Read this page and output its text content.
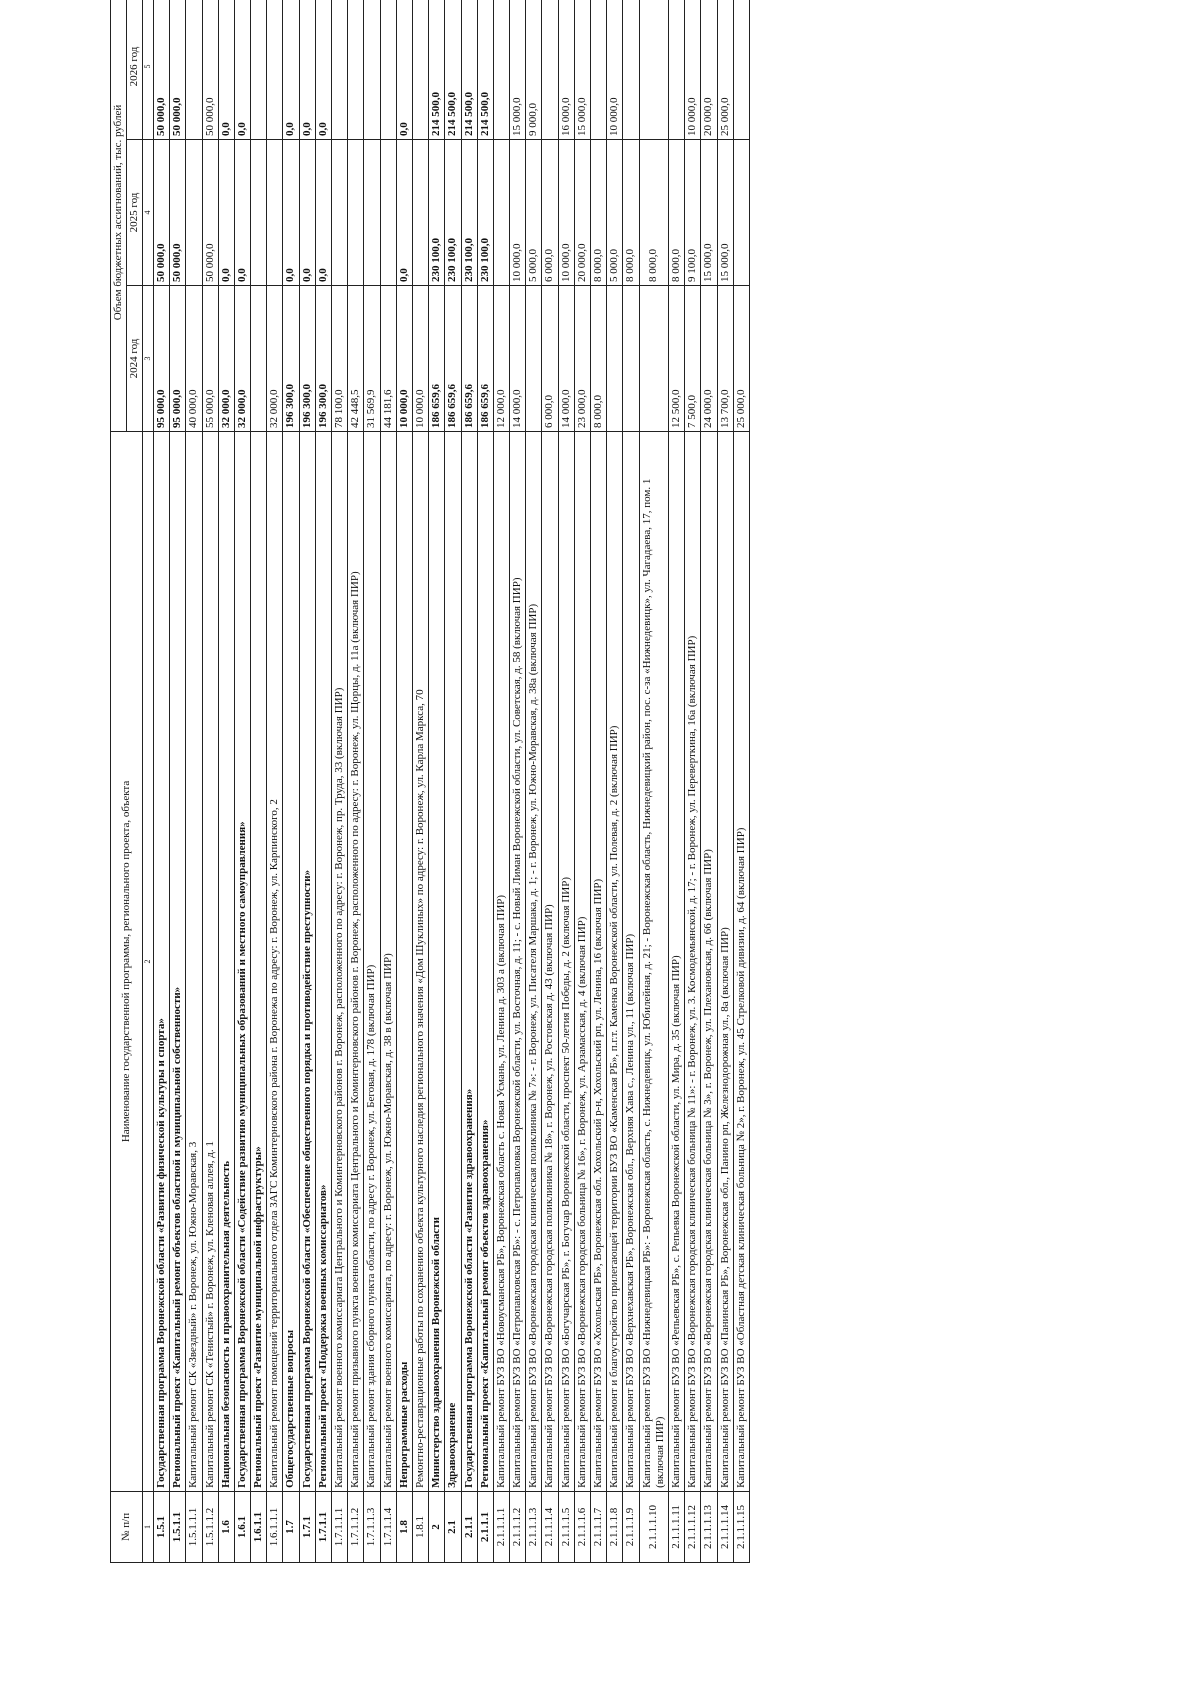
№ п/п	Наименование государственной программы, регионального проекта, объекта	Объем бюджетных ассигнований, тыс. рублей		
		2024 год	2025 год	2026 год
1	2	3	4	5
1.5.1	Государственная программа Воронежской области «Развитие физической культуры и спорта»	95 000,0	50 000,0	50 000,0
1.5.1.1	Региональный проект «Капитальный ремонт объектов областной и муниципальной собственности»	95 000,0	50 000,0	50 000,0
1.5.1.1.1	Капитальный ремонт СК «Звездный» г. Воронеж, ул. Южно-Моравская, 3	40 000,0		
1.5.1.1.2	Капитальный ремонт СК «Тенистый» г. Воронеж, ул. Кленовая аллея, д. 1	55 000,0	50 000,0	50 000,0
1.6	Национальная безопасность и правоохранительная деятельность	32 000,0	0,0	0,0
1.6.1	Государственная программа Воронежской области «Содействие развитию муниципальных образований и местного самоуправления»	32 000,0	0,0	0,0
1.6.1.1	Региональный проект «Развитие муниципальной инфраструктуры»			
1.6.1.1.1	Капитальный ремонт помещений территориального отдела ЗАГС Коминтерновского района г. Воронежа по адресу: г. Воронеж, ул. Карпинского, 2	32 000,0		
1.7	Общегосударственные вопросы	196 300,0	0,0	0,0
1.7.1	Государственная программа Воронежской области «Обеспечение общественного порядка и противодействие преступности»	196 300,0	0,0	0,0
1.7.1.1	Региональный проект «Поддержка военных комиссариатов»	196 300,0	0,0	0,0
1.7.1.1.1	Капитальный ремонт военного комиссариата Центрального и Коминтерновского районов г. Воронеж, расположенного по адресу: г. Воронеж, пр. Труда, 33 (включая ПИР)	78 100,0		
1.7.1.1.2	Капитальный ремонт призывного пункта военного комиссариата Центрального и Коминтерновского районов г. Воронеж, расположенного по адресу: г. Воронеж, ул. Щорцы, д. 11а (включая ПИР)	42 448,5		
1.7.1.1.3	Капитальный ремонт здания сборного пункта области, по адресу г. Воронеж, ул. Беговая, д. 178 (включая ПИР)	31 569,9		
1.7.1.1.4	Капитальный ремонт военного комиссариата, по адресу: г. Воронеж, ул. Южно-Моравская, д. 38 в (включая ПИР)	44 181,6		
1.8	Непрограммные расходы	10 000,0	0,0	0,0
1.8.1	Ремонтно-реставрационные работы по сохранению объекта культурного наследия регионального значения «Дом Шуклиных» по адресу: г. Воронеж, ул. Карла Маркса, 70	10 000,0		
2	Министерство здравоохранения Воронежской области	186 659,6	230 100,0	214 500,0
2.1	Здравоохранение	186 659,6	230 100,0	214 500,0
2.1.1	Государственная программа Воронежской области «Развитие здравоохранения»	186 659,6	230 100,0	214 500,0
2.1.1.1	Региональный проект «Капитальный ремонт объектов здравоохранения»	186 659,6	230 100,0	214 500,0
2.1.1.1.1	Капитальный ремонт БУЗ ВО «Новоусманская РБ», Воронежская область с. Новая Усмань, ул. Ленина д. 303 а (включая ПИР)	12 000,0		
2.1.1.1.2	Капитальный ремонт БУЗ ВО «Петропавловская РБ»: - с. Петропавловка Воронежской области, ул. Восточная, д. 11; - с. Новый Лиман Воронежской области, ул. Советская, д. 58 (включая ПИР)	14 000,0	10 000,0	15 000,0
2.1.1.1.3	Капитальный ремонт БУЗ ВО «Воронежская городская клиническая поликлиника № 7»: - г. Воронеж, ул. Писателя Маршака, д. 1; - г. Воронеж, ул. Южно-Моравская, д. 38а (включая ПИР)		5 000,0	9 000,0
2.1.1.1.4	Капитальный ремонт БУЗ ВО «Воронежская городская поликлиника № 18», г. Воронеж, ул. Ростовская д. 43 (включая ПИР)	6 000,0	6 000,0	
2.1.1.1.5	Капитальный ремонт БУЗ ВО «Богучарская РБ», г. Богучар Воронежской области, проспект 50-летия Победы, д. 2 (включая ПИР)	14 000,0	10 000,0	16 000,0
2.1.1.1.6	Капитальный ремонт БУЗ ВО «Воронежская городская больница № 16», г. Воронеж, ул. Арзамасская, д. 4 (включая ПИР)	23 000,0	20 000,0	15 000,0
2.1.1.1.7	Капитальный ремонт БУЗ ВО «Хохольская РБ», Воронежская обл. Хохольский р-н, Хохольский рп, ул. Ленина, 16 (включая ПИР)	8 000,0	8 000,0	
2.1.1.1.8	Капитальный ремонт и благоустройство прилегающей территории БУЗ ВО «Каменская РБ», п.г.т. Каменка Воронежской области, ул. Полевая, д. 2 (включая ПИР)		5 000,0	10 000,0
2.1.1.1.9	Капитальный ремонт БУЗ ВО «Верхнехавская РБ», Воронежская обл., Верхняя Хава с., Ленина ул., 11 (включая ПИР)		8 000,0	
2.1.1.1.10	Капитальный ремонт БУЗ ВО «Нижнедевицкая РБ»: - Воронежская область, с. Нижнедевицк, ул. Юбилейная, д. 21; - Воронежская область, Нижнедевицкий район, пос. с-за «Нижнедевицк», ул. Чагадаева, 17, пом. 1 (включая ПИР)		8 000,0	
2.1.1.1.11	Капитальный ремонт БУЗ ВО «Репьевская РБ», с. Репьевка Воронежской области, ул. Мира, д. 35 (включая ПИР)	12 500,0	8 000,0	
2.1.1.1.12	Капитальный ремонт БУЗ ВО «Воронежская городская клиническая больница № 11»: - г. Воронеж, ул. 3. Космодемьянской, д. 17; - г. Воронеж, ул. Переверткина, 16а (включая ПИР)	7 500,0	9 100,0	10 000,0
2.1.1.1.13	Капитальный ремонт БУЗ ВО «Воронежская городская клиническая больница № 3», г. Воронеж, ул. Плехановская, д. 66 (включая ПИР)	24 000,0	15 000,0	20 000,0
2.1.1.1.14	Капитальный ремонт БУЗ ВО «Панинская РБ», Воронежская обл., Панино рп, Железнодорожная ул., 8а (включая ПИР)	13 700,0	15 000,0	25 000,0
2.1.1.1.15	Капитальный ремонт БУЗ ВО «Областная детская клиническая больница № 2», г. Воронеж, ул. 45 Стрелковой дивизии, д. 64 (включая ПИР)	25 000,0		
